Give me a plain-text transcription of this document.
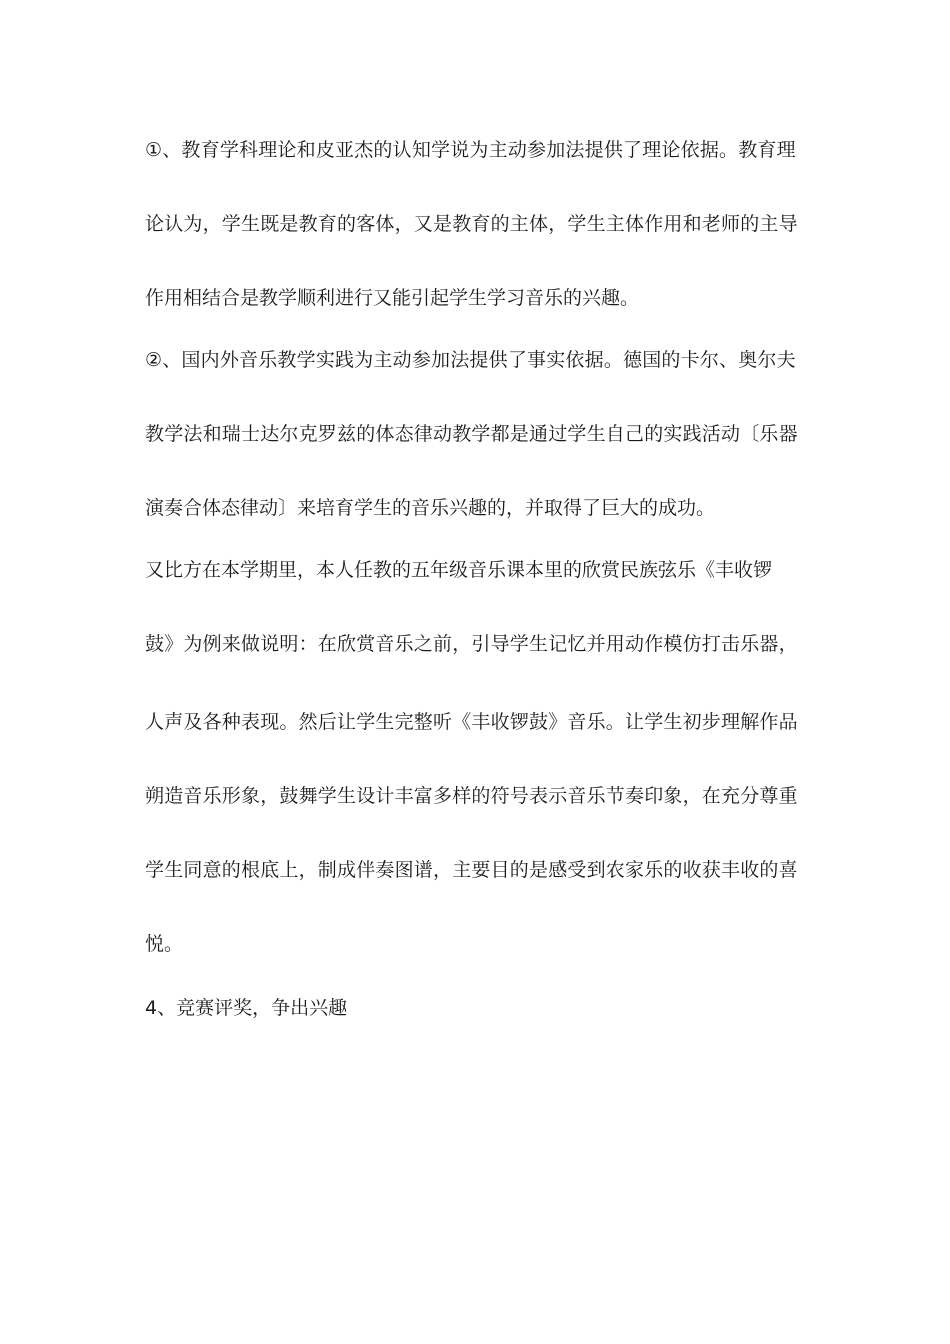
①、教育学科理论和皮亚杰的认知学说为主动参加法提供了理论依据。教育理
论认为，学生既是教育的客体，又是教育的主体，学生主体作用和老师的主导
作用相结合是教学顺利进行又能引起学生学习音乐的兴趣。
②、国内外音乐教学实践为主动参加法提供了事实依据。德国的卡尔、奥尔夫
教学法和瑞士达尔克罗兹的体态律动教学都是通过学生自己的实践活动〔乐器
演奏合体态律动〕来培育学生的音乐兴趣的，并取得了巨大的成功。
又比方在本学期里，本人任教的五年级音乐课本里的欣赏民族弦乐《丰收锣
鼓》为例来做说明：在欣赏音乐之前，引导学生记忆并用动作模仿打击乐器，
人声及各种表现。然后让学生完整听《丰收锣鼓》音乐。让学生初步理解作品
朔造音乐形象，鼓舞学生设计丰富多样的符号表示音乐节奏印象，在充分尊重
学生同意的根底上，制成伴奏图谱，主要目的是感受到农家乐的收获丰收的喜
悦。
4、竞赛评奖，争出兴趣
